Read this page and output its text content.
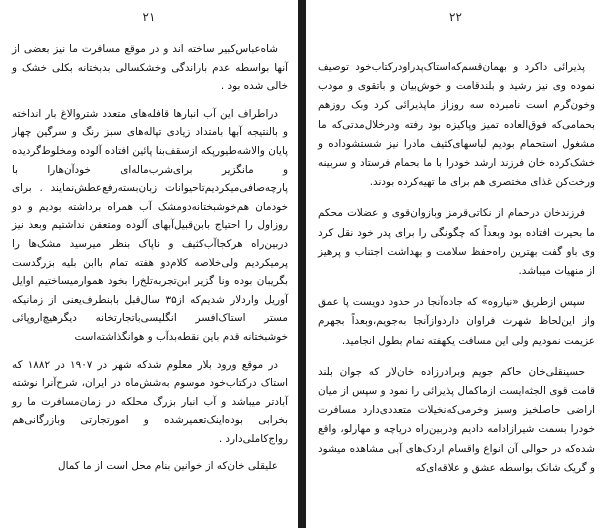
٢١

شاه‌عباس‌کبیر ساخته اند و در موقع مسافرت ما نیز بعضی از آنها بواسطه عدم باراندگی وخشکسالی بدبختانه بکلی خشک و خالی شده بود .

دراطراف این آب انبارها قافله‌های متعدد شتروالاغ بار انداخته و بالنتیجه آبها بامتداد زیادی تپاله‌های سبز رنگ و سرگین چهار پایان والاشه‌طیورپکه ازسقف‌بنا پائین افتاده آلوده ومخلوط‌گردیده و مانگزیر برای‌شرب‌ماله‌ای خودآن‌هارا با پارچه‌صافی‌میکردیم‌تاحیوانات زبان‌بسته‌رفع‌عطش‌نمایند . برای خودمان هم‌خوشبختانه‌دومشک آب همراه برداشته بودیم و دو روزاول را احتیاج بابن‌قبیل‌آبهای آلوده ومتعفن نداشتیم وبعد نیز دربین‌راه هرکجاآب‌کثیف و ناپاک بنظر میرسید مشک‌ها را پرمیکردیم ولی‌خلاصه کلام‌دو هفته تمام باابن بلیه بزرگدست بگریبان بوده ونا گزیر ابن‌تجربه‌تلخ‌را بخود هموارمیساختیم اوایل آوریل واردلار شدیم‌که از۳۵ سال‌قبل بابنطرف‌یعنی از زمانیکه مستر استاک‌افسر انگلیسی‌باتجارتخانه دیگرهیچ‌اروپائی خوشبختانه قدم باین نقطه‌بدآب و هوانگذاشته‌است

در موقع ورود بلار معلوم شدکه شهر در ۱۹۰۷ در ۱۸۸۲ که استاک درکتاب‌خود موسوم به‌شش‌ماه در ایران، شرح‌آنرا نوشته آبادتر میباشد و آب انبار بزرگ محلکه در زمان‌مسافرت ما رو بخرابی بوده‌اینک‌تعمیرشده و امورتجارتی وبازرگانی‌هم رواج‌کاملی‌دارد .

علیقلی خان‌که از خوانین بنام محل است از ما کمال

٢٢

پذیرائی داکرد و بهمان‌قسم‌که‌استاک‌پدراودرکتاب‌خود توصیف نموده وی نیز رشید و بلندقامت و خوش‌بیان و باتقوی و مودب وخون‌گرم است نامبرده سه روزاز ماپذیرائی کرد وبک روزهم بحمامی‌که فوق‌العاده تمیز وپاکیزه بود رفته ودرخلال‌مدتی‌که ما مشغول استحمام بودیم لباسهای‌کثیف مادرا نیز شستشوداده و خشک‌کرده خان فرزند ارشد خودرا با ما بحمام فرستاد و سربینه ورخت‌کن غذای مختصری هم برای ما تهیه‌کرده بودند.

فرزندخان درحمام از نکاتی‌قرمز وبازوان‌قوی و عضلات محکم ما بحیرت افتاده بود وبعداً که چگونگی را برای پدر خود نقل کرد وی باو گفت بهترین راه‌حفظ سلامت و بهداشت اجتناب و پرهیز از منهیات میباشد.

سپس ازطریق «نیاروه» که جاده‌آنجا در حدود دویست پا عمق واز این‌لحاظ شهرت فراوان داردوازآنجا به‌جویم،وبعداً بجهرم عزیمت نمودیم ولی این مسافت یکهفته تمام بطول انجامید.

حسینقلی‌خان حاکم جویم وبرادرزاده خان‌لار که جوان بلند قامت قوی الجثه‌ایست ازماکمال پذیرائی را نمود و سپس از میان اراضی حاصلخیز وسبز وخرمی‌که‌نخیلات متعددی‌دارد مسافرت خودرا بسمت شیرازادامه دادیم ودربین‌راه دریاچه و مهارلو، واقع شده‌که در حوالی آن انواع واقسام اردک‌های آبی مشاهده میشود و گریک شانک بواسطه عشق و علاقه‌ای‌که
